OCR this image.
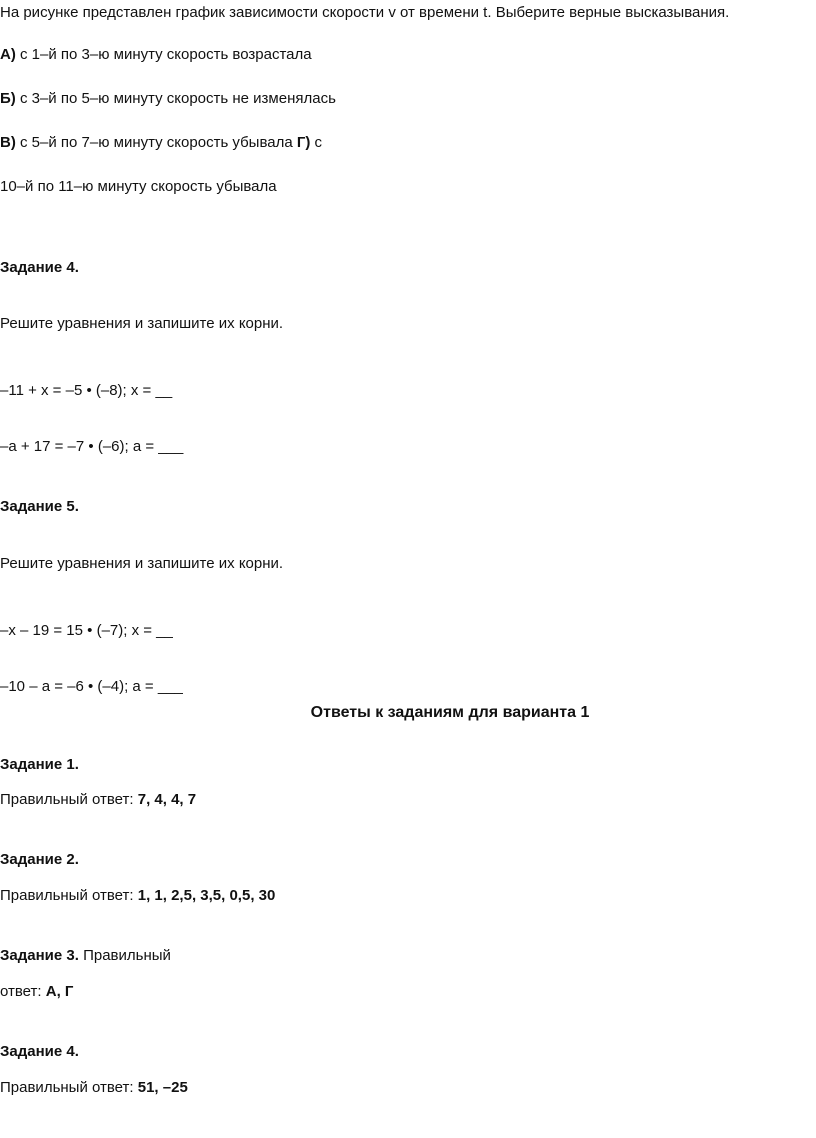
На рисунке представлен график зависимости скорости v от времени t. Выберите верные высказывания.
А) с 1–й по 3–ю минуту скорость возрастала
Б) с 3–й по 5–ю минуту скорость не изменялась
В) с 5–й по 7–ю минуту скорость убывала Г) с
10–й по 11–ю минуту скорость убывала
Задание 4.
Решите уравнения и запишите их корни.
–11 + x = –5 • (–8); x = __
–a + 17 = –7 • (–6); a = ___
Задание 5.
Решите уравнения и запишите их корни.
–x – 19 = 15 • (–7); x = __
–10 – a = –6 • (–4); a = ___
Ответы к заданиям для варианта 1
Задание 1.
Правильный ответ: 7, 4, 4, 7
Задание 2.
Правильный ответ: 1, 1, 2,5, 3,5, 0,5, 30
Задание 3. Правильный
ответ: А, Г
Задание 4.
Правильный ответ: 51, –25
